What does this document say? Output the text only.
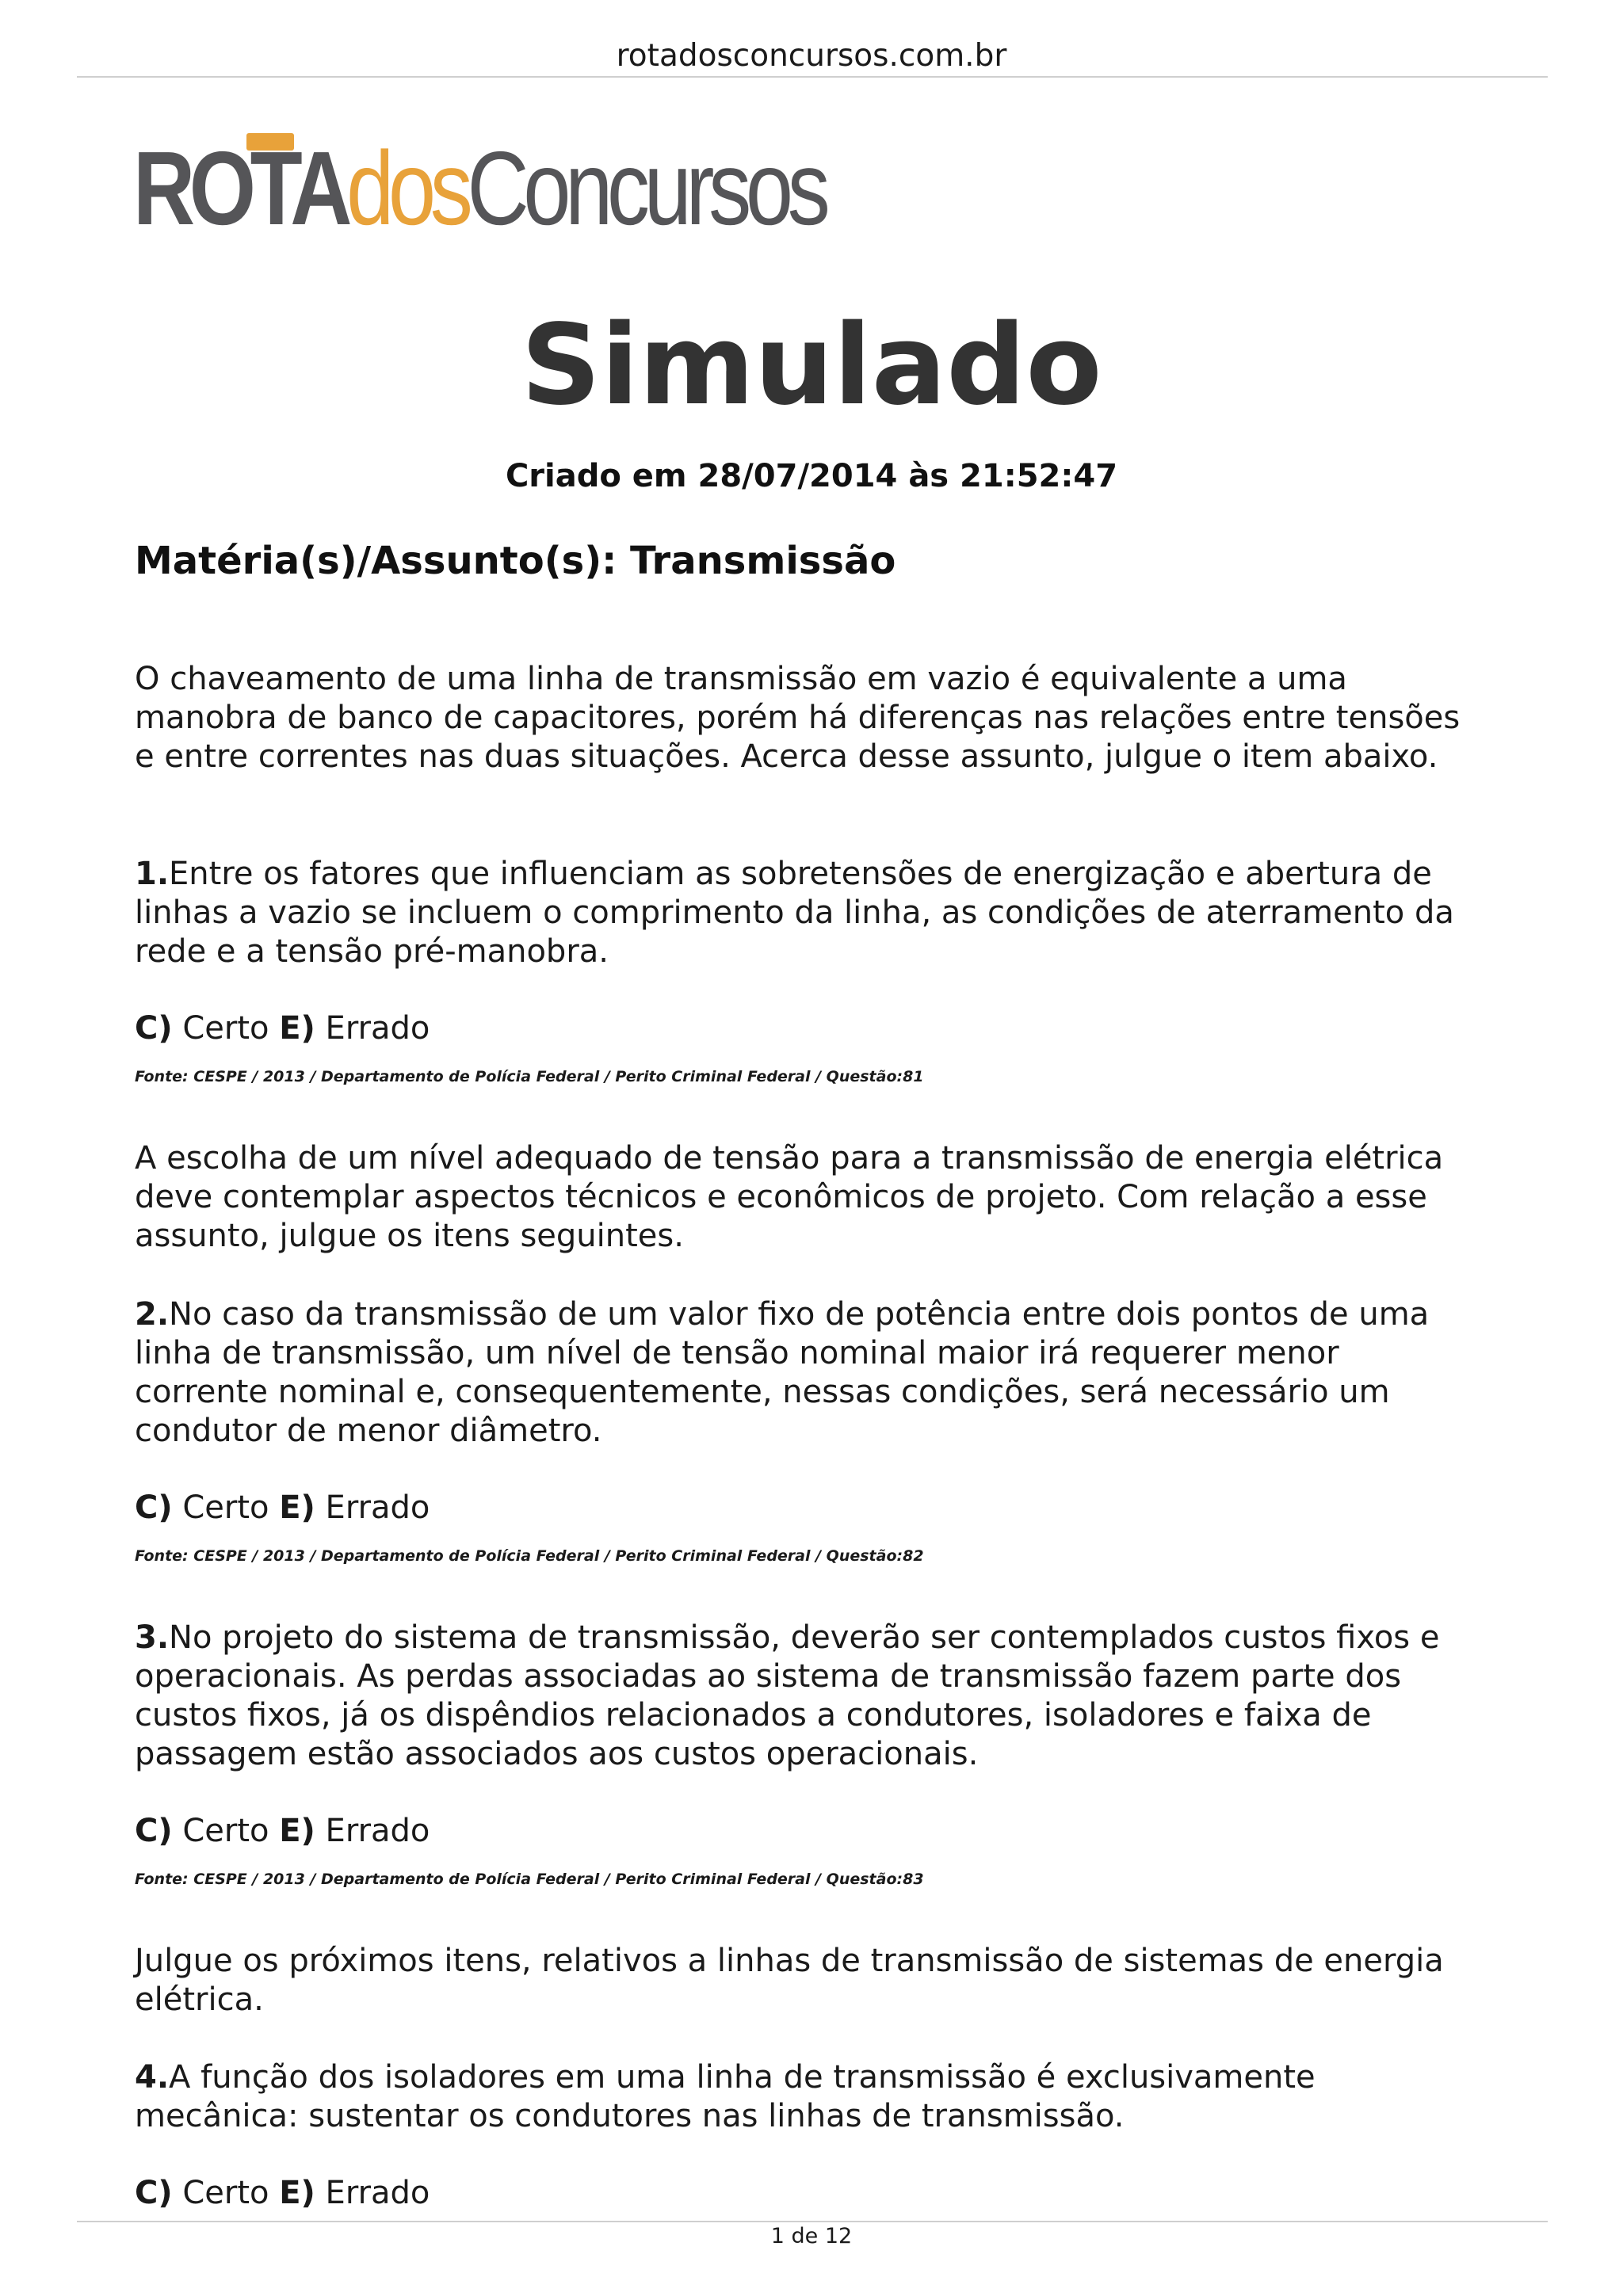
rotadosconcursos.com.br
ROTAdosConcursos
Simulado
Criado em 28/07/2014 às 21:52:47
Matéria(s)/Assunto(s): Transmissão
O chaveamento de uma linha de transmissão em vazio é equivalente a uma manobra de banco de capacitores, porém há diferenças nas relações entre tensões e entre correntes nas duas situações. Acerca desse assunto, julgue o item abaixo.
1.Entre os fatores que influenciam as sobretensões de energização e abertura de linhas a vazio se incluem o comprimento da linha, as condições de aterramento da rede e a tensão pré-manobra.
C) Certo E) Errado
Fonte: CESPE / 2013 / Departamento de Polícia Federal / Perito Criminal Federal / Questão:81
A escolha de um nível adequado de tensão para a transmissão de energia elétrica deve contemplar aspectos técnicos e econômicos de projeto. Com relação a esse assunto, julgue os itens seguintes.
2.No caso da transmissão de um valor fixo de potência entre dois pontos de uma linha de transmissão, um nível de tensão nominal maior irá requerer menor corrente nominal e, consequentemente, nessas condições, será necessário um condutor de menor diâmetro.
C) Certo E) Errado
Fonte: CESPE / 2013 / Departamento de Polícia Federal / Perito Criminal Federal / Questão:82
3.No projeto do sistema de transmissão, deverão ser contemplados custos fixos e operacionais. As perdas associadas ao sistema de transmissão fazem parte dos custos fixos, já os dispêndios relacionados a condutores, isoladores e faixa de passagem estão associados aos custos operacionais.
C) Certo E) Errado
Fonte: CESPE / 2013 / Departamento de Polícia Federal / Perito Criminal Federal / Questão:83
Julgue os próximos itens, relativos a linhas de transmissão de sistemas de energia elétrica.
4.A função dos isoladores em uma linha de transmissão é exclusivamente mecânica: sustentar os condutores nas linhas de transmissão.
C) Certo E) Errado
1 de 12
